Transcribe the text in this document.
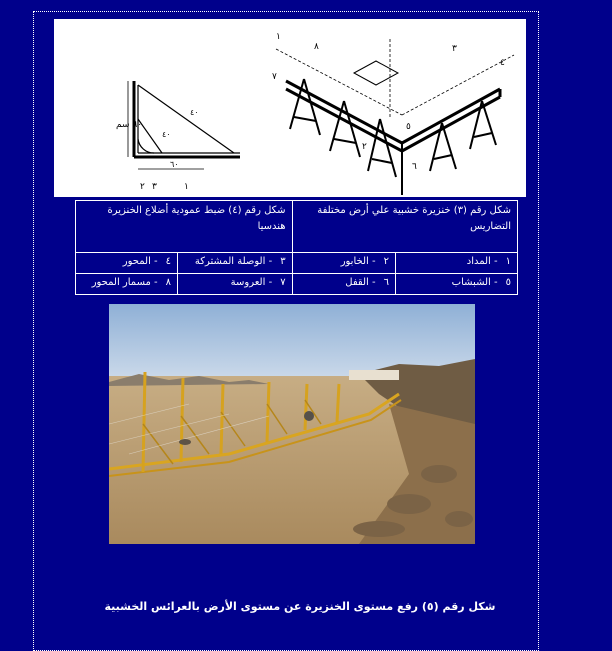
٦٠ سم
٤٠
٤٠
٦٠
٢ ٣	١
١
٨	٣
٧
٤
٢
٥
٦
شكل رقم (٣) خنزيرة خشبية علي أرض مختلفة التضاريس		شكل رقم (٤) ضبط عمودية أضلاع الخنزيرة هندسيا	
١- المداد	٢- الخابور	٣- الوصلة المشتركة	٤- المحور
٥- الشبشاب	٦- القفل	٧- العروسة	٨- مسمار المحور
شكل رقم (٥) رفع مستوى الخنزيرة عن مستوى الأرض بالعرائس الخشبية
